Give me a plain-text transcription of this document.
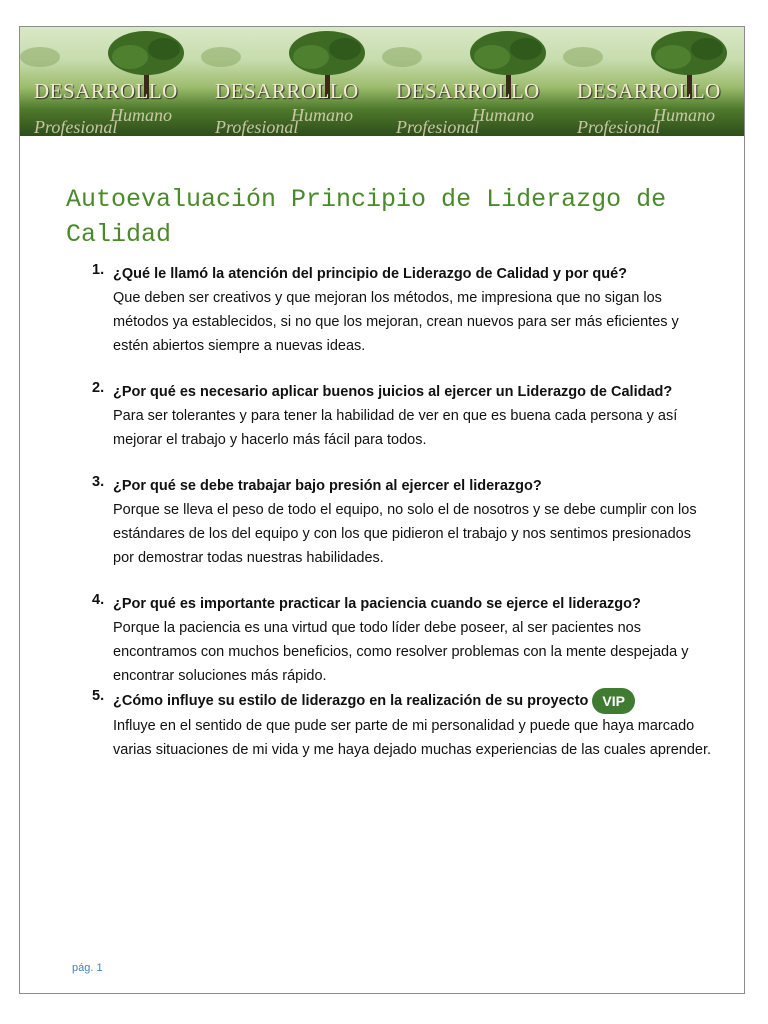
DESARROLLO
Humano
Profesional
DESARROLLO
Humano
Profesional
DESARROLLO
Humano
Profesional
DESARROLLO
Humano
Profesional
Autoevaluación Principio de Liderazgo de Calidad
1. ¿Qué le llamó la atención del principio de Liderazgo de Calidad y por qué?
Que deben ser creativos y que mejoran los métodos, me impresiona que no sigan los métodos ya establecidos, si no que los mejoran, crean nuevos para ser más eficientes y estén abiertos siempre a nuevas ideas.
2. ¿Por qué es necesario aplicar buenos juicios al ejercer un Liderazgo de Calidad?
Para ser tolerantes y para tener la habilidad de ver en que es buena cada persona y así mejorar el trabajo y hacerlo más fácil para todos.
3. ¿Por qué se debe trabajar bajo presión al ejercer el liderazgo?
Porque se lleva el peso de todo el equipo, no solo el de nosotros y se debe cumplir con los estándares de los del equipo y con los que pidieron el trabajo y nos sentimos presionados por demostrar todas nuestras habilidades.
4. ¿Por qué es importante practicar la paciencia cuando se ejerce el liderazgo?
Porque la paciencia es una virtud que todo líder debe poseer, al ser pacientes nos encontramos con muchos beneficios, como resolver problemas con la mente despejada y encontrar soluciones más rápido.
5. ¿Cómo influye su estilo de liderazgo en la realización de su proyecto VIP
Influye en el sentido de que pude ser parte de mi personalidad y puede que haya marcado varias situaciones de mi vida y me haya dejado muchas experiencias de las cuales aprender.
pág. 1
